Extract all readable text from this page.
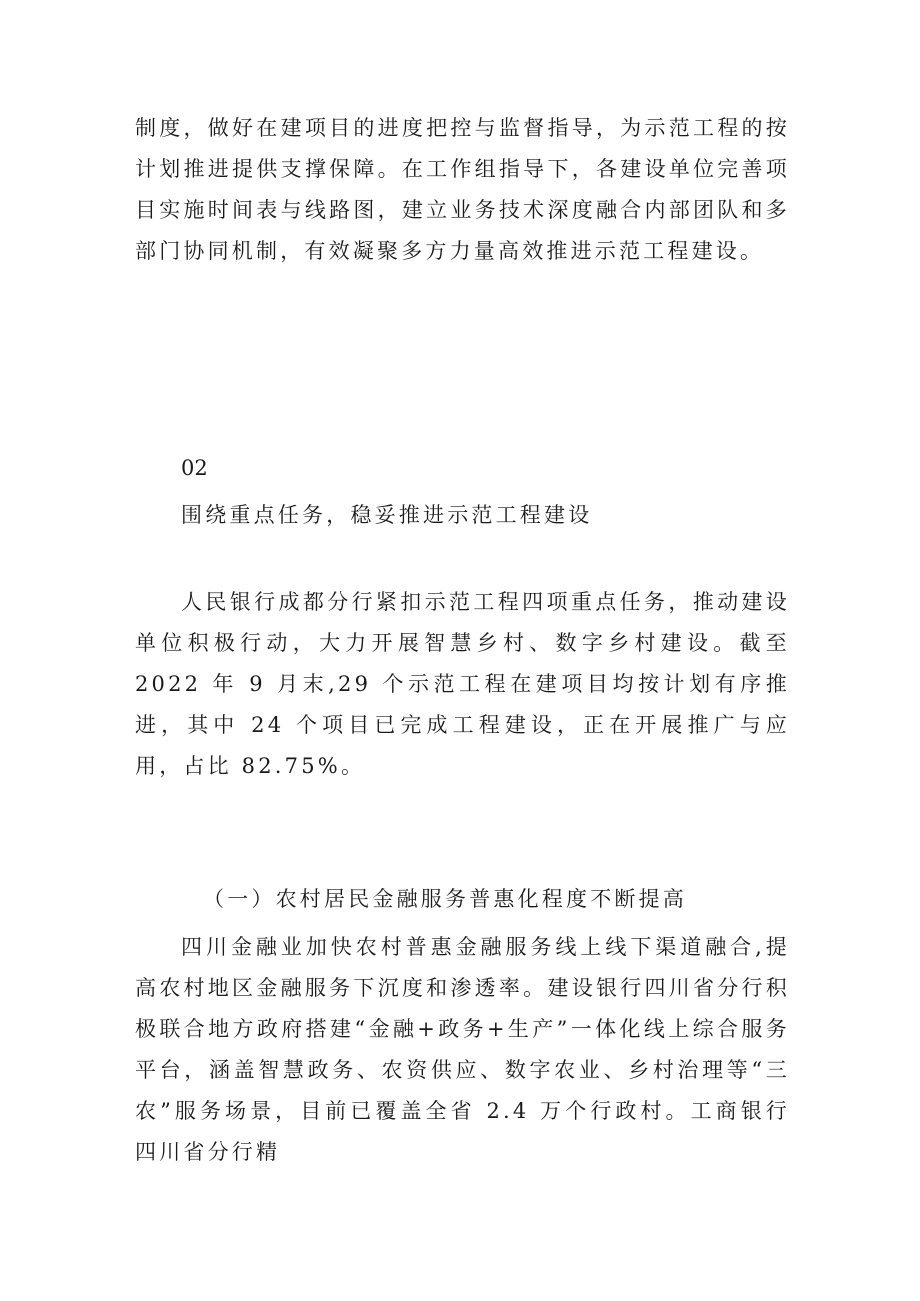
制度，做好在建项目的进度把控与监督指导，为示范工程的按计划推进提供支撑保障。在工作组指导下，各建设单位完善项目实施时间表与线路图，建立业务技术深度融合内部团队和多部门协同机制，有效凝聚多方力量高效推进示范工程建设。

02

围绕重点任务，稳妥推进示范工程建设

人民银行成都分行紧扣示范工程四项重点任务，推动建设单位积极行动，大力开展智慧乡村、数字乡村建设。截至 2022 年 9 月末,29 个示范工程在建项目均按计划有序推进，其中 24 个项目已完成工程建设，正在开展推广与应用，占比 82.75%。

（一）农村居民金融服务普惠化程度不断提高

四川金融业加快农村普惠金融服务线上线下渠道融合,提高农村地区金融服务下沉度和渗透率。建设银行四川省分行积极联合地方政府搭建“金融+政务+生产”一体化线上综合服务平台，涵盖智慧政务、农资供应、数字农业、乡村治理等“三农”服务场景，目前已覆盖全省 2.4 万个行政村。工商银行四川省分行精
